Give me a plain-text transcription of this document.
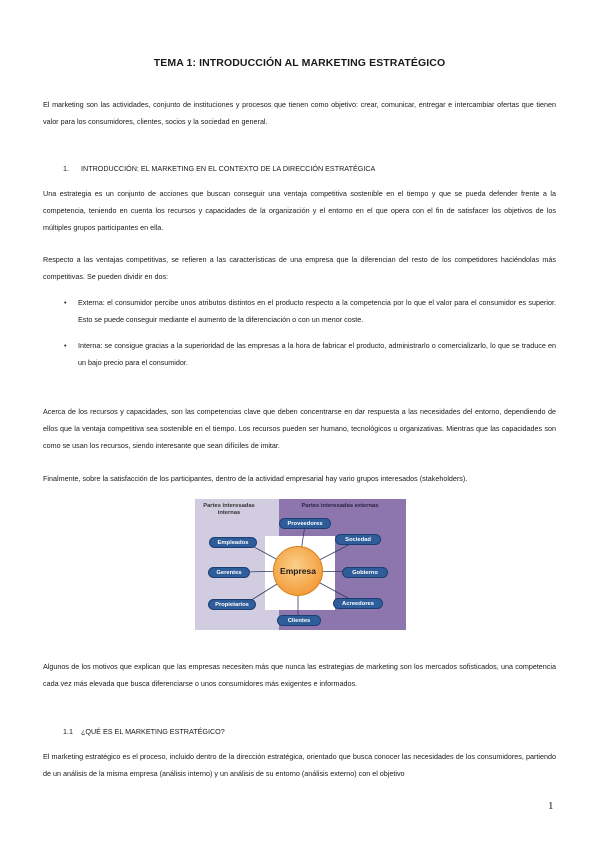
TEMA 1: INTRODUCCIÓN AL MARKETING ESTRATÉGICO
El marketing son las actividades, conjunto de instituciones y procesos que tienen como objetivo: crear, comunicar, entregar e intercambiar ofertas que tienen valor para los consumidores, clientes, socios y la sociedad en general.
1. INTRODUCCIÓN: EL MARKETING EN EL CONTEXTO DE LA DIRECCIÓN ESTRATÉGICA
Una estrategia es un conjunto de acciones que buscan conseguir una ventaja competitiva sostenible en el tiempo y que se pueda defender frente a la competencia, teniendo en cuenta los recursos y capacidades de la organización y el entorno en el que opera con el fin de satisfacer los objetivos de los múltiples grupos participantes en ella.
Respecto a las ventajas competitivas, se refieren a las características de una empresa que la diferencian del resto de los competidores haciéndolas más competitivas. Se pueden dividir en dos:
• Externa: el consumidor percibe unos atributos distintos en el producto respecto a la competencia por lo que el valor para el consumidor es superior. Esto se puede conseguir mediante el aumento de la diferenciación o con un menor coste.
• Interna: se consigue gracias a la superioridad de las empresas a la hora de fabricar el producto, administrarlo o comercializarlo, lo que se traduce en un bajo precio para el consumidor.
Acerca de los recursos y capacidades, son las competencias clave que deben concentrarse en dar respuesta a las necesidades del entorno, dependiendo de ellos que la ventaja competitiva sea sostenible en el tiempo. Los recursos pueden ser humano, tecnológicos u organizativas. Mientras que las capacidades son como se usan los recursos, siendo interesante que sean difíciles de imitar.
Finalmente, sobre la satisfacción de los participantes, dentro de la actividad empresarial hay vario grupos interesados (stakeholders).
Partes interesadas internas
Partes interesadas externas
Empleados
Gerentes
Propietarios
Proveedores
Sociedad
Gobierno
Acreedores
Clientes
Empresa
Algunos de los motivos que explican que las empresas necesiten más que nunca las estrategias de marketing son los mercados sofisticados, una competencia cada vez más elevada que busca diferenciarse o unos consumidores más exigentes e informados.
1.1 ¿QUÉ ES EL MARKETING ESTRATÉGICO?
El marketing estratégico es el proceso, incluido dentro de la dirección estratégica, orientado que busca conocer las necesidades de los consumidores, partiendo de un análisis de la misma empresa (análisis interno) y un análisis de su entorno (análisis externo) con el objetivo
1
